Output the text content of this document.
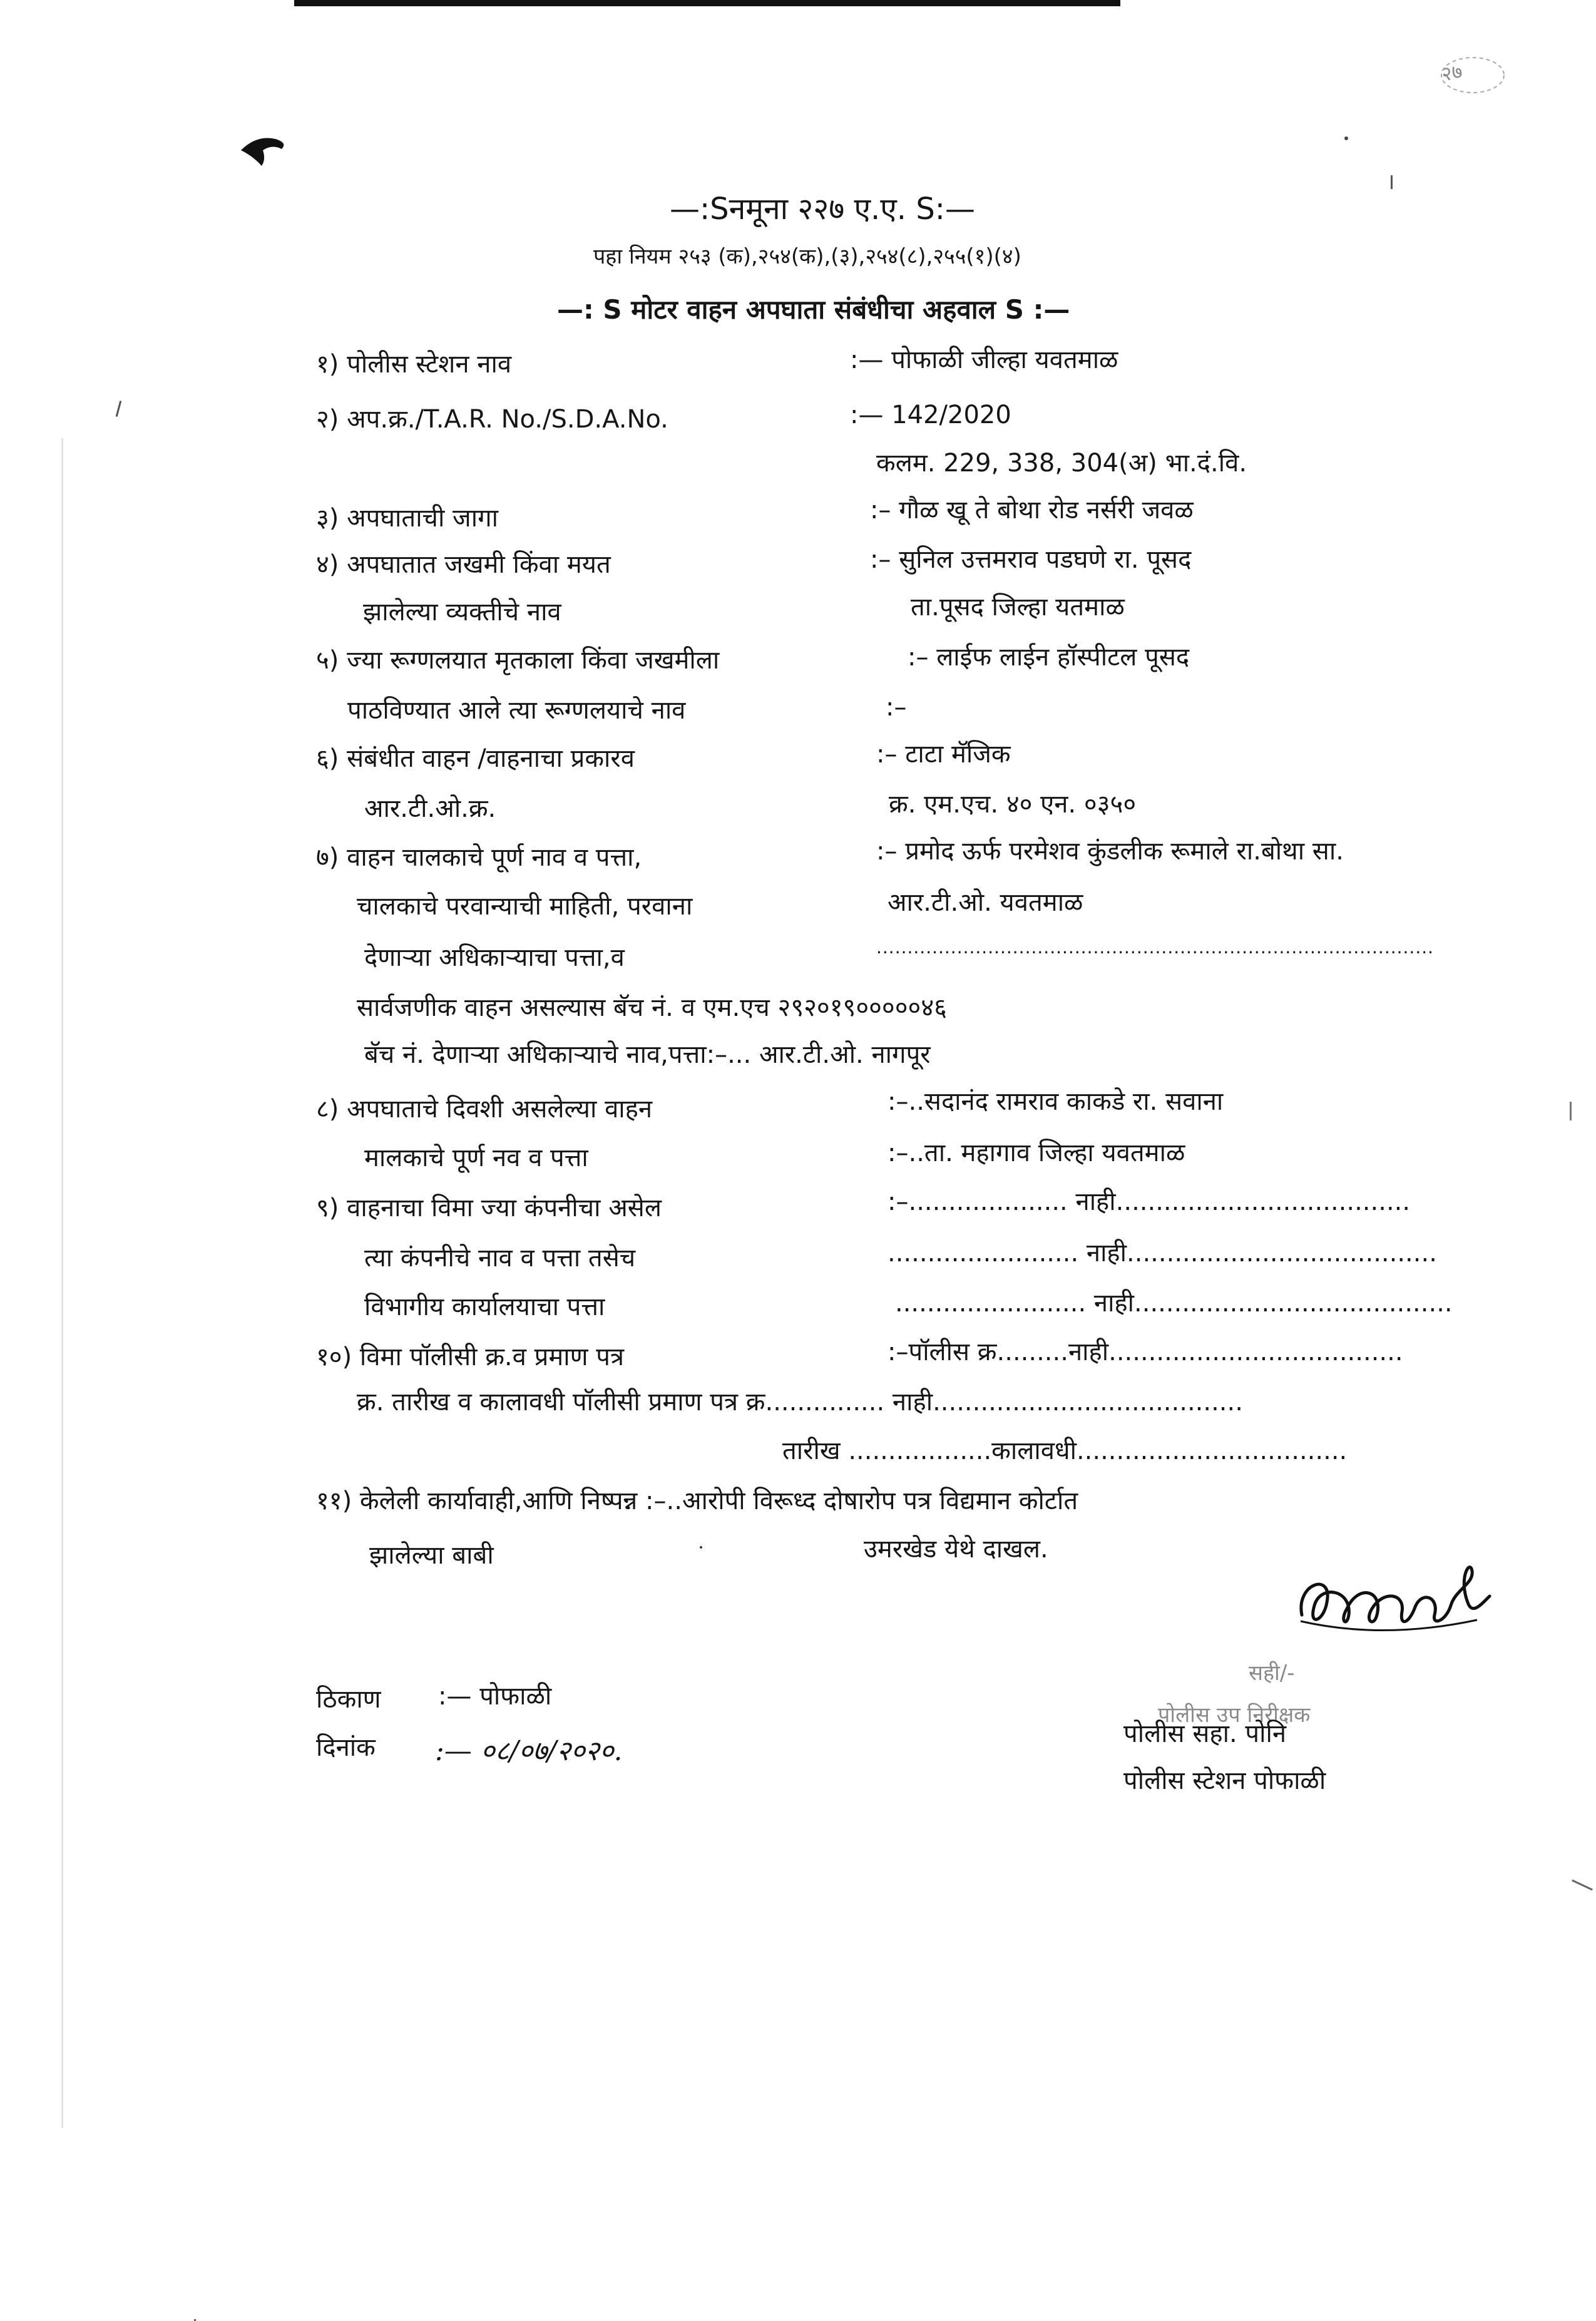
२७
—:Sनमूना २२७ ए.ए. S:—
पहा नियम २५३ (क),२५४(क),(३),२५४(८),२५५(१)(४)
—: S मोटर वाहन अपघाता संबंधीचा अहवाल S :—
१) पोलीस स्टेशन नाव	:— पोफाळी जील्हा यवतमाळ
२) अप.क्र./T.A.R. No./S.D.A.No.	:— 142/2020
कलम. 229, 338, 304(अ) भा.दं.वि.
३) अपघाताची जागा	:– गौळ खू ते बोथा रोड नर्सरी जवळ
४) अपघातात जखमी किंवा मयत	:– सुनिल उत्तमराव पडघणे रा. पूसद
झालेल्या व्यक्तीचे नाव	ता.पूसद जिल्हा यतमाळ
५) ज्या रूग्णलयात मृतकाला किंवा जखमीला	:– लाईफ लाईन हॉस्पीटल पूसद
पाठविण्यात आले त्या रूग्णलयाचे नाव	:–
६) संबंधीत वाहन /वाहनाचा प्रकारव	:– टाटा मॅजिक
आर.टी.ओ.क्र.	क्र. एम.एच. ४० एन. ०३५०
७) वाहन चालकाचे पूर्ण नाव व पत्ता,	:– प्रमोद ऊर्फ परमेशव कुंडलीक रूमाले रा.बोथा सा.
चालकाचे परवान्याची माहिती, परवाना	आर.टी.ओ. यवतमाळ
देणाऱ्या अधिकाऱ्याचा पत्ता,व	..........................................................................................
सार्वजणीक वाहन असल्यास बॅच नं. व एम.एच २९२०१९०००००४६
बॅच नं. देणाऱ्या अधिकाऱ्याचे नाव,पत्ता:–... आर.टी.ओ. नागपूर
८) अपघाताचे दिवशी असलेल्या वाहन	:–..सदानंद रामराव काकडे रा. सवाना
मालकाचे पूर्ण नव व पत्ता	:–..ता. महागाव जिल्हा यवतमाळ
९) वाहनाचा विमा ज्या कंपनीचा असेल	:–.................... नाही.....................................
त्या कंपनीचे नाव व पत्ता तसेच	........................ नाही.......................................
विभागीय कार्यालयाचा पत्ता	........................ नाही........................................
१०) विमा पॉलीसी क्र.व प्रमाण पत्र	:–पॉलीस क्र.........नाही.....................................
क्र. तारीख व कालावधी पॉलीसी प्रमाण पत्र क्र............... नाही.......................................
तारीख ..................कालावधी..................................
११) केलेली कार्यावाही,आणि निष्पन्न :–..आरोपी विरूध्द दोषारोप पत्र विद्यमान कोर्टात
झालेल्या बाबी	उमरखेड येथे दाखल.
सही/-
पोलीस उप निरीक्षक
ठिकाण :— पोफाळी
दिनांक :— ०८/०७/२०२०.
पोलीस सहा. पोनि
पोलीस स्टेशन पोफाळी
